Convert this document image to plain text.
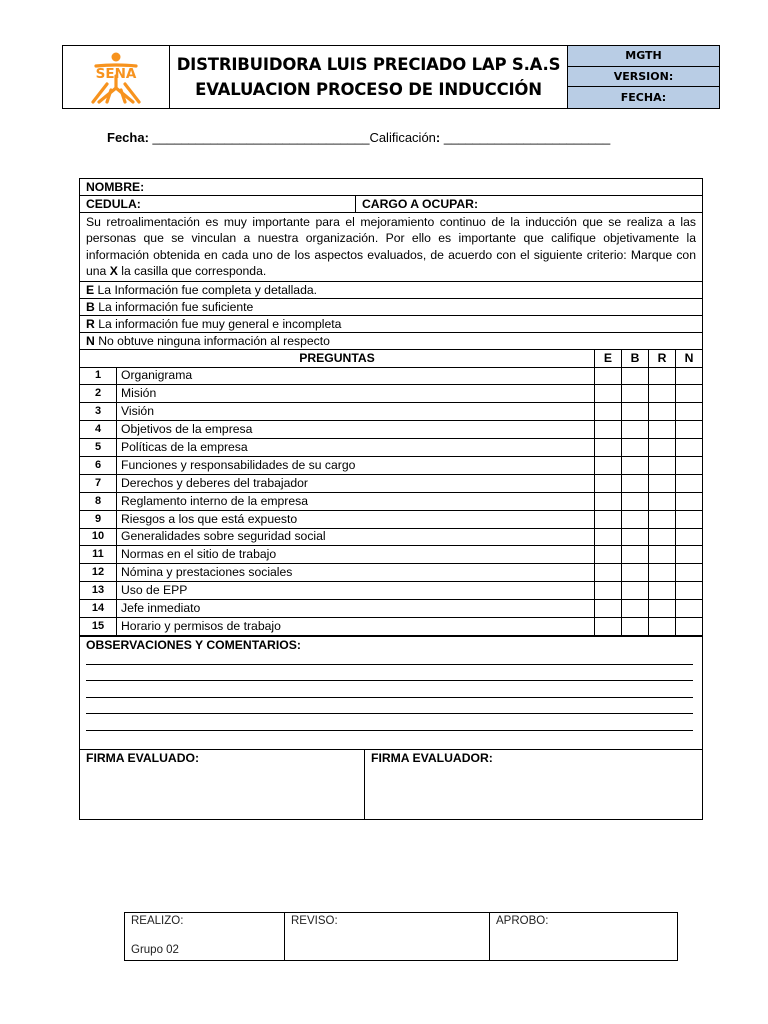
SENA DISTRIBUIDORA LUIS PRECIADO LAP S.A.S
EVALUACION PROCESO DE INDUCCIÓN
MGTH
VERSION:
FECHA:
Fecha: ______________________________Calificación: _______________________
NOMBRE:
CEDULA:	CARGO A OCUPAR:
Su retroalimentación es muy importante para el mejoramiento continuo de la inducción que se realiza a las personas que se vinculan a nuestra organización. Por ello es importante que califique objetivamente la información obtenida en cada uno de los aspectos evaluados, de acuerdo con el siguiente criterio: Marque con una X la casilla que corresponda.
E La Información fue completa y detallada.
B La información fue suficiente
R La información fue muy general e incompleta
N No obtuve ninguna información al respecto
PREGUNTAS		E	B	R	N
1	Organigrama				
2	Misión				
3	Visión				
4	Objetivos de la empresa				
5	Políticas de la empresa				
6	Funciones y responsabilidades de su cargo				
7	Derechos y deberes del trabajador				
8	Reglamento interno de la empresa				
9	Riesgos a los que está expuesto				
10	Generalidades sobre seguridad social				
11	Normas en el sitio de trabajo				
12	Nómina y prestaciones sociales				
13	Uso de EPP				
14	Jefe inmediato				
15	Horario y permisos de trabajo				
OBSERVACIONES Y COMENTARIOS:
FIRMA EVALUADO:	FIRMA EVALUADOR:
REALIZO:
Grupo 02
REVISO:	APROBO:
